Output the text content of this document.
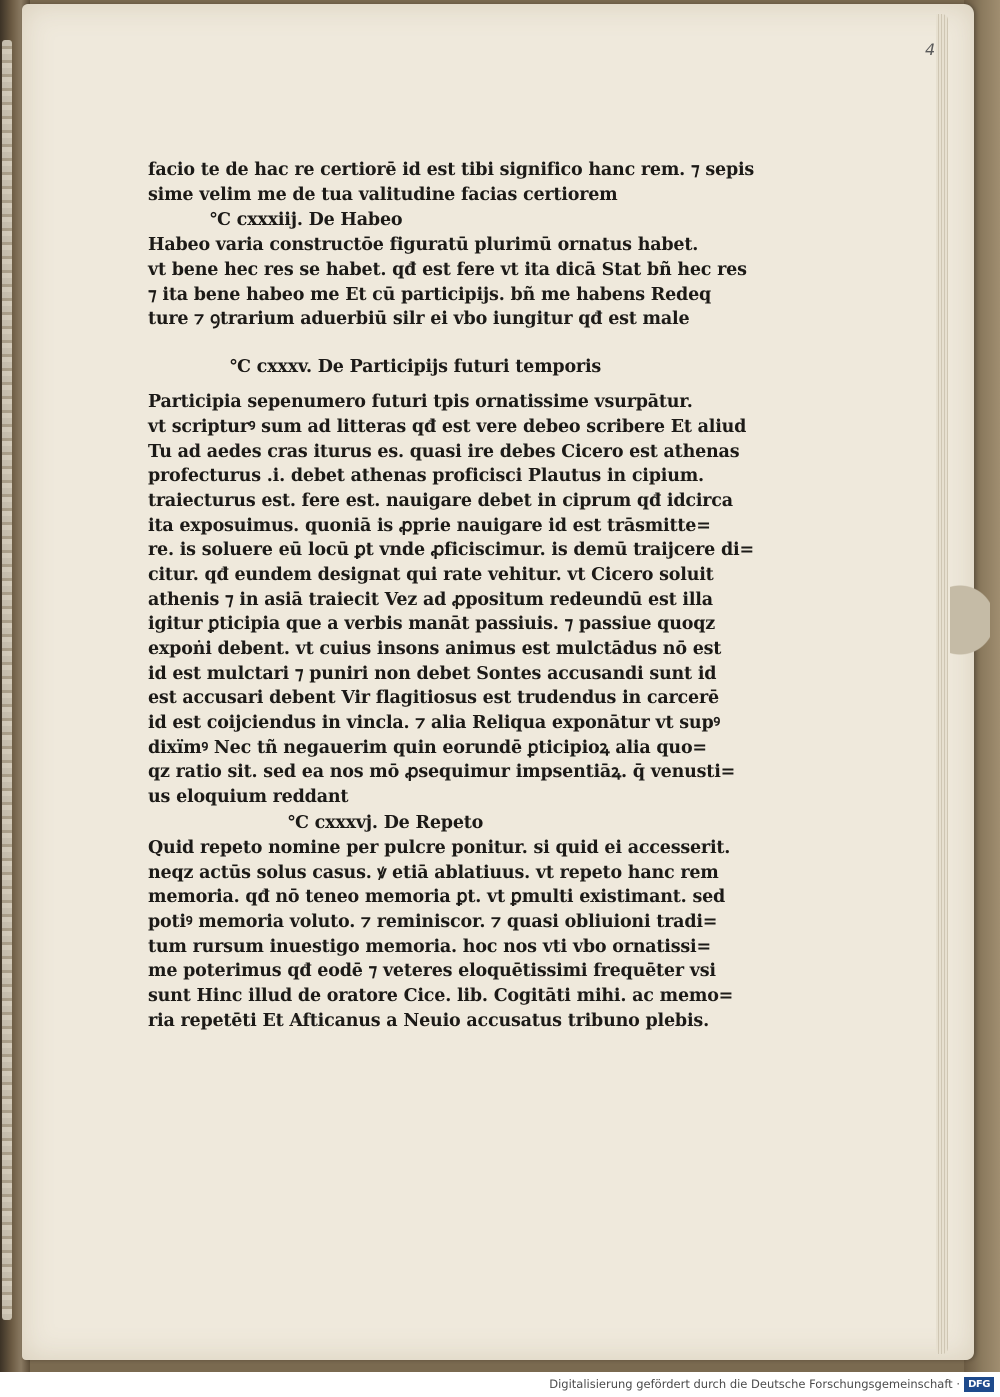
4
facio te de hac re certiorē id est tibi significo hanc rem. ⁊ sepis
sime velim me de tua valitudine facias certiorem
℃ cxxxiij. De Habeo
Habeo varia constructōe figuratū plurimū ornatus habet.
vt bene hec res se habet. qđ est fere vt ita dicā Stat bñ hec res
⁊ ita bene habeo me Et cū participijs. bñ me habens Redeq
ture ⁊ ꝯtrarium aduerbiū silr ei vbo iungitur qđ est male
℃ cxxxv. De Participijs futuri temporis
Participia sepenumero futuri tpis ornatissime vsurpātur.
vt scripturꝰ sum ad litteras qđ est vere debeo scribere Et aliud
Tu ad aedes cras iturus es. quasi ire debes Cicero est athenas
profecturus .i. debet athenas proficisci Plautus in cipium.
traiecturus est. fere est. nauigare debet in ciprum qđ idcirca
ita exposuimus. quoniā is ꝓprie nauigare id est trāsmitte=
re. is soluere eū locū ꝑt vnde ꝓficiscimur. is demū traijcere di=
citur. qđ eundem designat qui rate vehitur. vt Cicero soluit
athenis ⁊ in asiā traiecit Vez ad ꝓpositum redeundū est illa
igitur ꝑticipia que a verbis manāt passiuis. ⁊ passiue quoqz
expoṅi debent. vt cuius insons animus est mulctādus nō est
id est mulctari ⁊ puniri non debet Sontes accusandi sunt id
est accusari debent Vir flagitiosus est trudendus in carcerē
id est coijciendus in vincla. ⁊ alia Reliqua exponātur vt supꝰ
dixïmꝰ Nec tñ negauerim quin eorundē ꝑticipioꝝ alia quo=
qz ratio sit. sed ea nos mō ꝓsequimur impsentiāꝝ. q̄ venusti=
us eloquium reddant
℃ cxxxvj. De Repeto
Quid repeto nomine per pulcre ponitur. si quid ei accesserit.
neqz actūs solus casus. ꝟ etiā ablatiuus. vt repeto hanc rem
memoria. qđ nō teneo memoria ꝑt. vt ꝑmulti existimant. sed
potiꝰ memoria voluto. ⁊ reminiscor. ⁊ quasi obliuioni tradi=
tum rursum inuestigo memoria. hoc nos vti vbo ornatissi=
me poterimus qđ eodē ⁊ veteres eloquētissimi frequēter vsi
sunt Hinc illud de oratore Cice. lib. Cogitāti mihi. ac memo=
ria repetēti Et Afticanus a Neuio accusatus tribuno plebis.
Digitalisierung gefördert durch die Deutsche Forschungsgemeinschaft · DFG
